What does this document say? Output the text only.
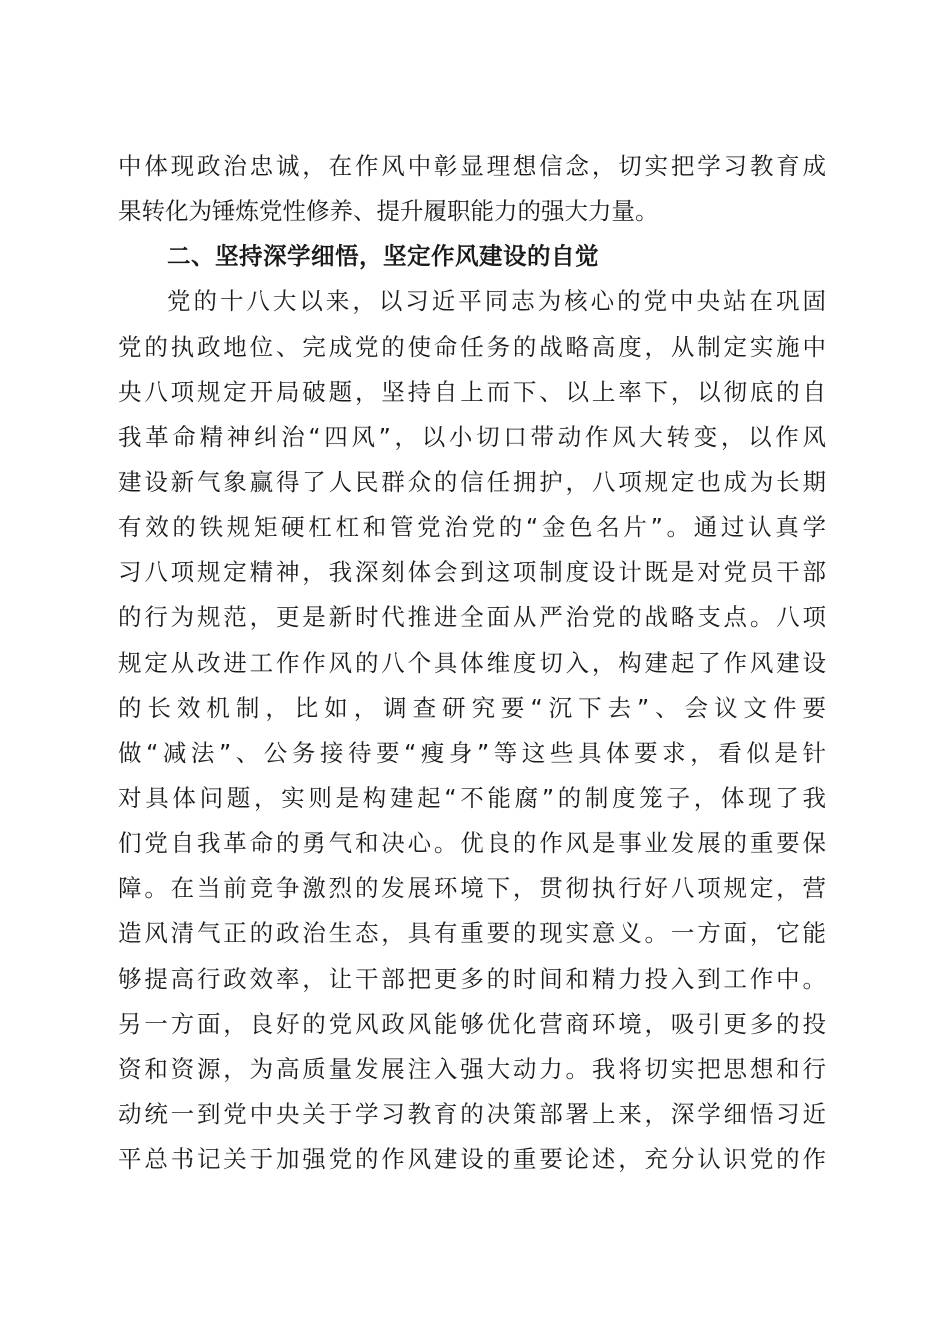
中体现政治忠诚，在作风中彰显理想信念，切实把学习教育成
果转化为锤炼党性修养、提升履职能力的强大力量。
二、坚持深学细悟，坚定作风建设的自觉
党的十八大以来，以习近平同志为核心的党中央站在巩固
党的执政地位、完成党的使命任务的战略高度，从制定实施中
央八项规定开局破题，坚持自上而下、以上率下，以彻底的自
我革命精神纠治“四风”，以小切口带动作风大转变，以作风
建设新气象赢得了人民群众的信任拥护，八项规定也成为长期
有效的铁规矩硬杠杠和管党治党的“金色名片”。通过认真学
习八项规定精神，我深刻体会到这项制度设计既是对党员干部
的行为规范，更是新时代推进全面从严治党的战略支点。八项
规定从改进工作作风的八个具体维度切入，构建起了作风建设
的长效机制，比如，调查研究要“沉下去”、会议文件要
做“减法”、公务接待要“瘦身”等这些具体要求，看似是针
对具体问题，实则是构建起“不能腐”的制度笼子，体现了我
们党自我革命的勇气和决心。优良的作风是事业发展的重要保
障。在当前竞争激烈的发展环境下，贯彻执行好八项规定，营
造风清气正的政治生态，具有重要的现实意义。一方面，它能
够提高行政效率，让干部把更多的时间和精力投入到工作中。
另一方面，良好的党风政风能够优化营商环境，吸引更多的投
资和资源，为高质量发展注入强大动力。我将切实把思想和行
动统一到党中央关于学习教育的决策部署上来，深学细悟习近
平总书记关于加强党的作风建设的重要论述，充分认识党的作
